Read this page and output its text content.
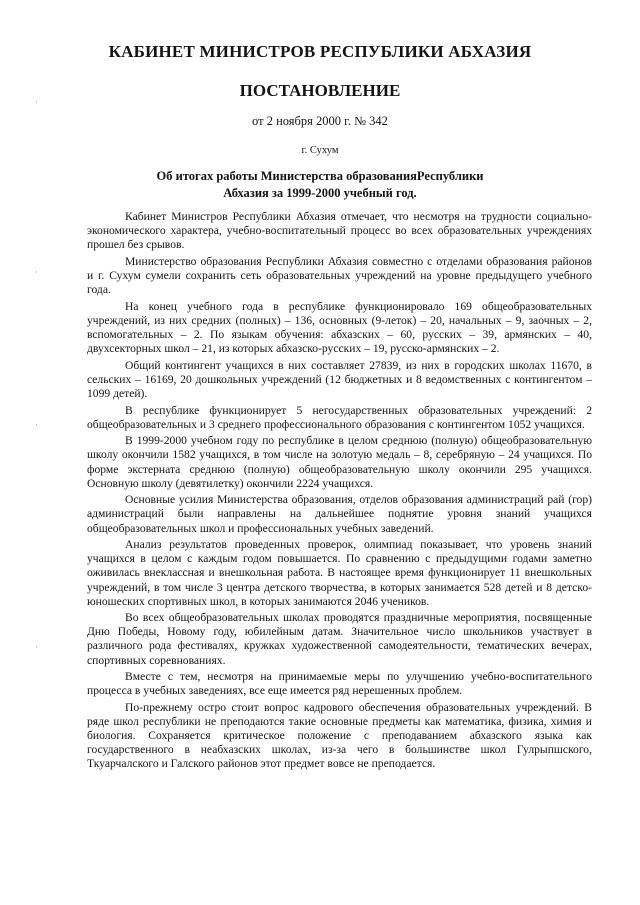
·
·
·
·
КАБИНЕТ МИНИСТРОВ РЕСПУБЛИКИ АБХАЗИЯ
ПОСТАНОВЛЕНИЕ
от 2 ноября 2000 г. № 342
г. Сухум
Об итогах работы Министерства образованияРеспублики
Абхазия за 1999-2000 учебный год.

Кабинет Министров Республики Абхазия отмечает, что несмотря на трудности социально-экономического характера, учебно-воспитательный процесс во всех образовательных учреждениях прошел без срывов.

Министерство образования Республики Абхазия совместно с отделами образования районов и г. Сухум сумели сохранить сеть образовательных учреждений на уровне предыдущего учебного года.

На конец учебного года в республике функционировало 169 общеобразовательных учреждений, из них средних (полных) – 136, основных (9-леток) – 20, начальных – 9, заочных – 2, вспомогательных – 2. По языкам обучения: абхазских – 60, русских – 39, армянских – 40, двухсекторных школ – 21, из которых абхазско-русских – 19, русско-армянских – 2.

Общий контингент учащихся в них составляет 27839, из них в городских школах 11670, в сельских – 16169, 20 дошкольных учреждений (12 бюджетных и 8 ведомственных с контингентом – 1099 детей).

В республике функционирует 5 негосударственных образовательных учреждений: 2 общеобразовательных и 3 среднего профессионального образования с контингентом 1052 учащихся.

В 1999-2000 учебном году по республике в целом среднюю (полную) общеобразовательную школу окончили 1582 учащихся, в том числе на золотую медаль – 8, серебряную – 24 учащихся. По форме экстерната среднюю (полную) общеобразовательную школу окончили 295 учащихся. Основную школу (девятилетку) окончили 2224 учащихся.

Основные усилия Министерства образования, отделов образования администраций рай (гор) администраций были направлены на дальнейшее поднятие уровня знаний учащихся общеобразовательных школ и профессиональных учебных заведений.

Анализ результатов проведенных проверок, олимпиад показывает, что уровень знаний учащихся в целом с каждым годом повышается. По сравнению с предыдущими годами заметно оживилась внеклассная и внешкольная работа. В настоящее время функционирует 11 внешкольных учреждений, в том числе 3 центра детского творчества, в которых занимается 528 детей и 8 детско-юношеских спортивных школ, в которых занимаются 2046 учеников.

Во всех общеобразовательных школах проводятся праздничные мероприятия, посвященные Дню Победы, Новому году, юбилейным датам. Значительное число школьников участвует в различного рода фестивалях, кружках художественной самодеятельности, тематических вечерах, спортивных соревнованиях.

Вместе с тем, несмотря на принимаемые меры по улучшению учебно-воспитательного процесса в учебных заведениях, все еще имеется ряд нерешенных проблем.

По-прежнему остро стоит вопрос кадрового обеспечения образовательных учреждений. В ряде школ республики не преподаются такие основные предметы как математика, физика, химия и биология. Сохраняется критическое положение с преподаванием абхазского языка как государственного в неабхазских школах, из-за чего в большинстве школ Гулрыпшского, Ткуарчалского и Галского районов этот предмет вовсе не преподается.
